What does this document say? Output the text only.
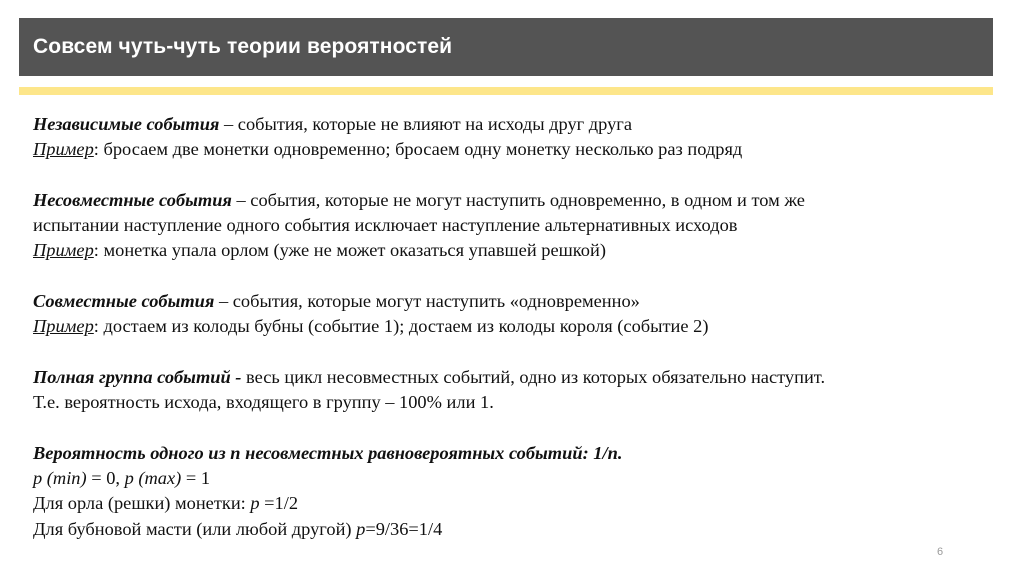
Совсем чуть-чуть теории вероятностей

Независимые события – события, которые не влияют на исходы друг друга

Пример: бросаем две монетки одновременно; бросаем одну монетку несколько раз подряд

Несовместные события – события, которые не могут наступить одновременно, в одном и том же

испытании наступление одного события исключает наступление альтернативных исходов

Пример: монетка упала орлом (уже не может оказаться упавшей решкой)

Совместные события – события, которые могут наступить «одновременно»

Пример: достаем из колоды бубны (событие 1); достаем из колоды короля (событие 2)

Полная группа событий - весь цикл несовместных событий, одно из которых обязательно наступит.

Т.е. вероятность исхода, входящего в группу – 100% или 1.

Вероятность одного из n несовместных равновероятных событий: 1/n.

p (min) = 0, p (max) = 1

Для орла (решки) монетки: p =1/2

Для бубновой масти (или любой другой) p=9/36=1/4

6
